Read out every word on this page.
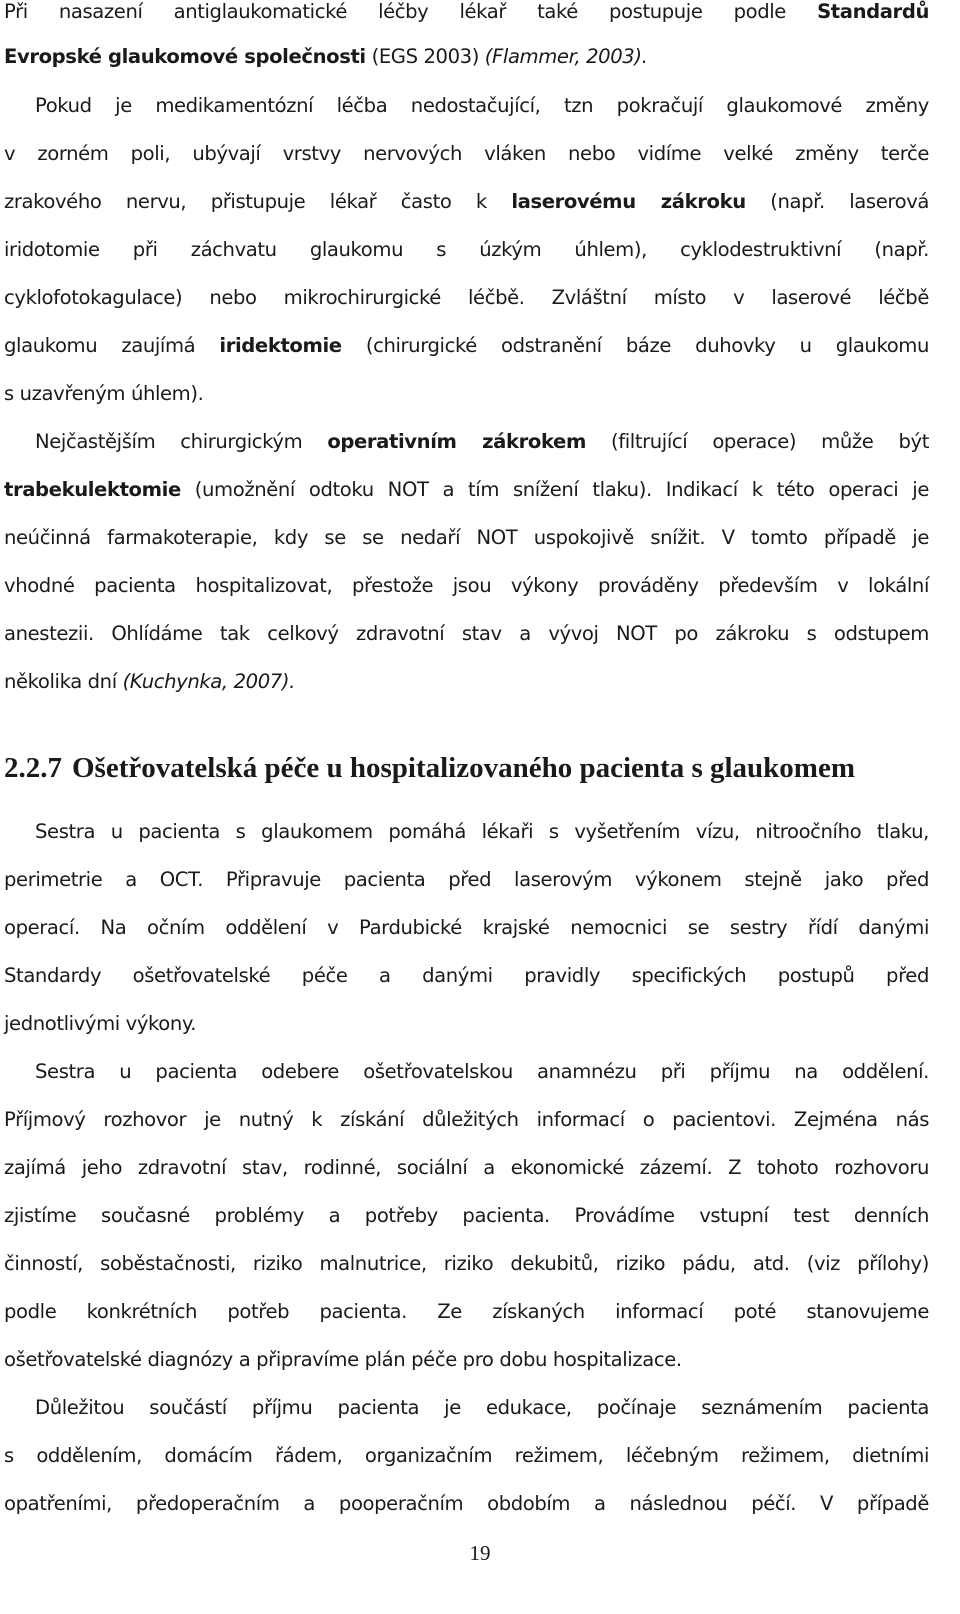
Při nasazení antiglaukomatické léčby lékař také postupuje podle Standardů
Evropské glaukomové společnosti (EGS 2003) (Flammer, 2003).
Pokud je medikamentózní léčba nedostačující, tzn pokračují glaukomové změny
v zorném poli, ubývají vrstvy nervových vláken nebo vidíme velké změny terče
zrakového nervu, přistupuje lékař často k laserovému zákroku (např. laserová
iridotomie při záchvatu glaukomu s úzkým úhlem), cyklodestruktivní (např.
cyklofotokagulace) nebo mikrochirurgické léčbě. Zvláštní místo v laserové léčbě
glaukomu zaujímá iridektomie (chirurgické odstranění báze duhovky u glaukomu
s uzavřeným úhlem).
Nejčastějším chirurgickým operativním zákrokem (filtrující operace) může být
trabekulektomie (umožnění odtoku NOT a tím snížení tlaku). Indikací k této operaci je
neúčinná farmakoterapie, kdy se se nedaří NOT uspokojivě snížit. V tomto případě je
vhodné pacienta hospitalizovat, přestože jsou výkony prováděny především v lokální
anestezii. Ohlídáme tak celkový zdravotní stav a vývoj NOT po zákroku s odstupem
několika dní (Kuchynka, 2007).
2.2.7 Ošetřovatelská péče u hospitalizovaného pacienta s glaukomem
Sestra u pacienta s glaukomem pomáhá lékaři s vyšetřením vízu, nitroočního tlaku,
perimetrie a OCT. Připravuje pacienta před laserovým výkonem stejně jako před
operací. Na očním oddělení v Pardubické krajské nemocnici se sestry řídí danými
Standardy ošetřovatelské péče a danými pravidly specifických postupů před
jednotlivými výkony.
Sestra u pacienta odebere ošetřovatelskou anamnézu při příjmu na oddělení.
Příjmový rozhovor je nutný k získání důležitých informací o pacientovi. Zejména nás
zajímá jeho zdravotní stav, rodinné, sociální a ekonomické zázemí. Z tohoto rozhovoru
zjistíme současné problémy a potřeby pacienta. Provádíme vstupní test denních
činností, soběstačnosti, riziko malnutrice, riziko dekubitů, riziko pádu, atd. (viz přílohy)
podle konkrétních potřeb pacienta. Ze získaných informací poté stanovujeme
ošetřovatelské diagnózy a připravíme plán péče pro dobu hospitalizace.
Důležitou součástí příjmu pacienta je edukace, počínaje seznámením pacienta
s oddělením, domácím řádem, organizačním režimem, léčebným režimem, dietními
opatřeními, předoperačním a pooperačním obdobím a následnou péčí. V případě
19
